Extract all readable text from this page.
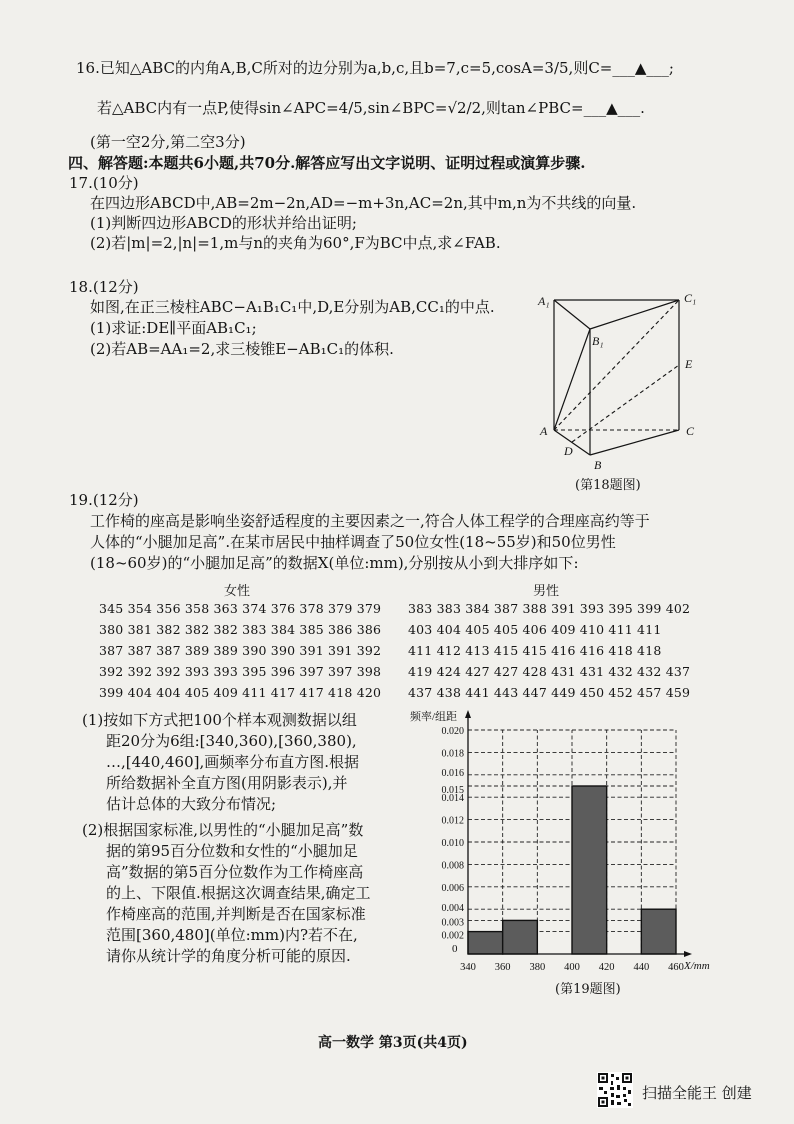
16.已知△ABC的内角A,B,C所对的边分别为a,b,c,且b=7,c=5,cosA=3/5,则C=___▲___;
若△ABC内有一点P,使得sin∠APC=4/5,sin∠BPC=√2/2,则tan∠PBC=___▲___.
(第一空2分,第二空3分)
四、解答题:本题共6小题,共70分.解答应写出文字说明、证明过程或演算步骤.
17.(10分)
在四边形ABCD中,AB=2m−2n,AD=−m+3n,AC=2n,其中m,n为不共线的向量.
(1)判断四边形ABCD的形状并给出证明;
(2)若|m|=2,|n|=1,m与n的夹角为60°,F为BC中点,求∠FAB.
18.(12分)
如图,在正三棱柱ABC−A₁B₁C₁中,D,E分别为AB,CC₁的中点.
(1)求证:DE∥平面AB₁C₁;
(2)若AB=AA₁=2,求三棱锥E−AB₁C₁的体积.
A₁	C₁
B₁
E
A	C
D
B
(第18题图)
19.(12分)
工作椅的座高是影响坐姿舒适程度的主要因素之一,符合人体工程学的合理座高约等于
人体的“小腿加足高”.在某市居民中抽样调查了50位女性(18~55岁)和50位男性
(18~60岁)的“小腿加足高”的数据X(单位:mm),分别按从小到大排序如下:
女性	男性
345 354 356 358 363 374 376 378 379 379
380 381 382 382 382 383 384 385 386 386
387 387 387 389 389 390 390 391 391 392
392 392 392 393 393 395 396 397 397 398
399 404 404 405 409 411 417 417 418 420
383 383 384 387 388 391 393 395 399 402
403 404 405 405 406 409 410 411 411
411 412 413 415 415 416 416 418 418
419 424 427 427 428 431 431 432 432 437
437 438 441 443 447 449 450 452 457 459
(1)按如下方式把100个样本观测数据以组
距20分为6组:[340,360),[360,380),
…,[440,460],画频率分布直方图.根据
所给数据补全直方图(用阴影表示),并
估计总体的大致分布情况;
(2)根据国家标准,以男性的“小腿加足高”数
据的第95百分位数和女性的“小腿加足
高”数据的第5百分位数作为工作椅座高
的上、下限值.根据这次调查结果,确定工
作椅座高的范围,并判断是否在国家标准
范围[360,480](单位:mm)内?若不在,
请你从统计学的角度分析可能的原因.
0.002
0.003
0.004
0.006
0.008
0.010
0.012
0.014
0.015
0.016
0.018
0.020
340 360 380 400 420 440 460
频率/组距
X/mm
0
(第19题图)
高一数学 第3页(共4页)
扫描全能王 创建
